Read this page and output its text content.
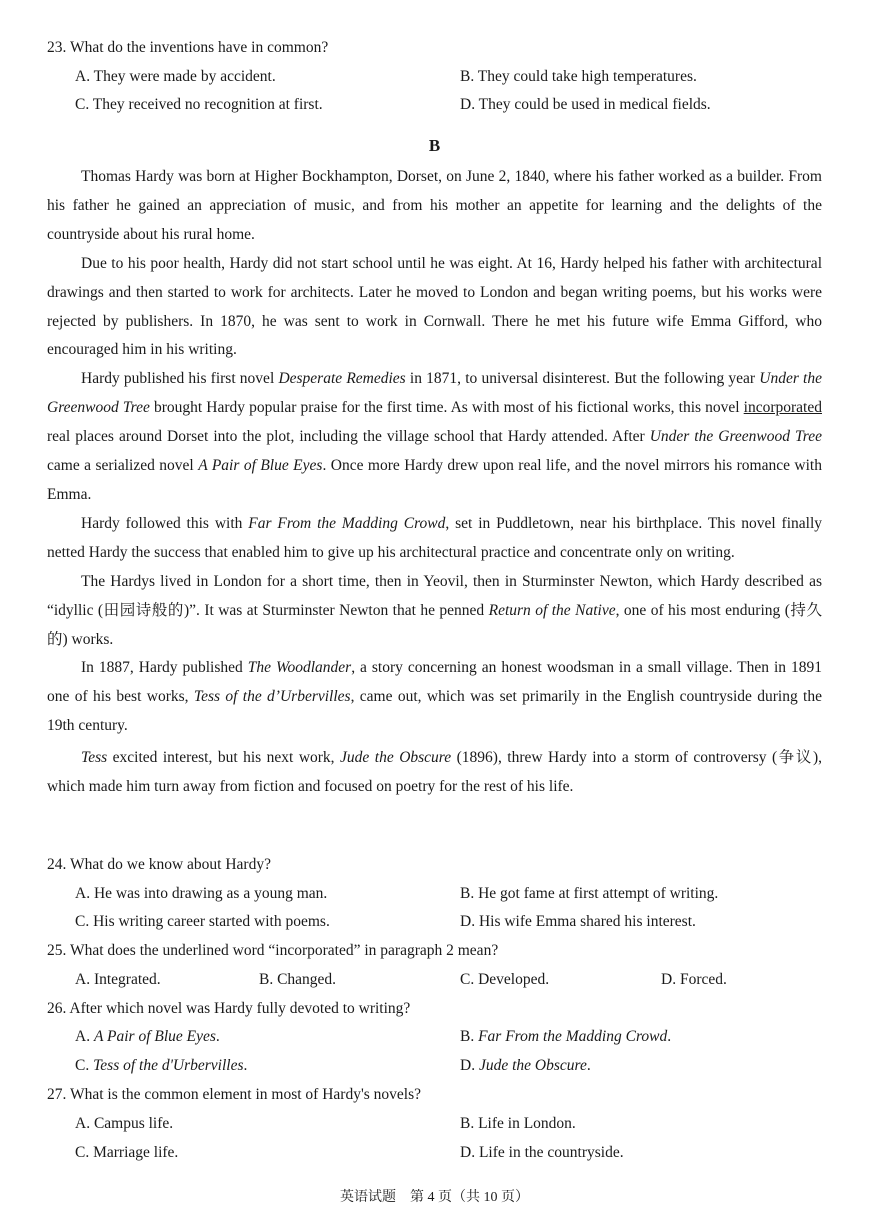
23. What do the inventions have in common?
A. They were made by accident.	B. They could take high temperatures.
C. They received no recognition at first.	D. They could be used in medical fields.
B

Thomas Hardy was born at Higher Bockhampton, Dorset, on June 2, 1840, where his father worked as a builder. From his father he gained an appreciation of music, and from his mother an appetite for learning and the delights of the countryside about his rural home.

Due to his poor health, Hardy did not start school until he was eight. At 16, Hardy helped his father with architectural drawings and then started to work for architects. Later he moved to London and began writing poems, but his works were rejected by publishers. In 1870, he was sent to work in Cornwall. There he met his future wife Emma Gifford, who encouraged him in his writing.

Hardy published his first novel Desperate Remedies in 1871, to universal disinterest. But the following year Under the Greenwood Tree brought Hardy popular praise for the first time. As with most of his fictional works, this novel incorporated real places around Dorset into the plot, including the village school that Hardy attended. After Under the Greenwood Tree came a serialized novel A Pair of Blue Eyes. Once more Hardy drew upon real life, and the novel mirrors his romance with Emma.

Hardy followed this with Far From the Madding Crowd, set in Puddletown, near his birthplace. This novel finally netted Hardy the success that enabled him to give up his architectural practice and concentrate only on writing.

The Hardys lived in London for a short time, then in Yeovil, then in Sturminster Newton, which Hardy described as “idyllic (田园诗般的)”. It was at Sturminster Newton that he penned Return of the Native, one of his most enduring (持久的) works.

In 1887, Hardy published The Woodlander, a story concerning an honest woodsman in a small village. Then in 1891 one of his best works, Tess of the d’Urbervilles, came out, which was set primarily in the English countryside during the 19th century.

Tess excited interest, but his next work, Jude the Obscure (1896), threw Hardy into a storm of controversy (争议), which made him turn away from fiction and focused on poetry for the rest of his life.

24. What do we know about Hardy?
A. He was into drawing as a young man.	B. He got fame at first attempt of writing.
C. His writing career started with poems.	D. His wife Emma shared his interest.
25. What does the underlined word “incorporated” in paragraph 2 mean?
A. Integrated.	B. Changed.	C. Developed.	D. Forced.
26. After which novel was Hardy fully devoted to writing?
A. A Pair of Blue Eyes.	B. Far From the Madding Crowd.
C. Tess of the d'Urbervilles.	D. Jude the Obscure.
27. What is the common element in most of Hardy's novels?
A. Campus life.	B. Life in London.
C. Marriage life.	D. Life in the countryside.
英语试题　第 4 页（共 10 页）
